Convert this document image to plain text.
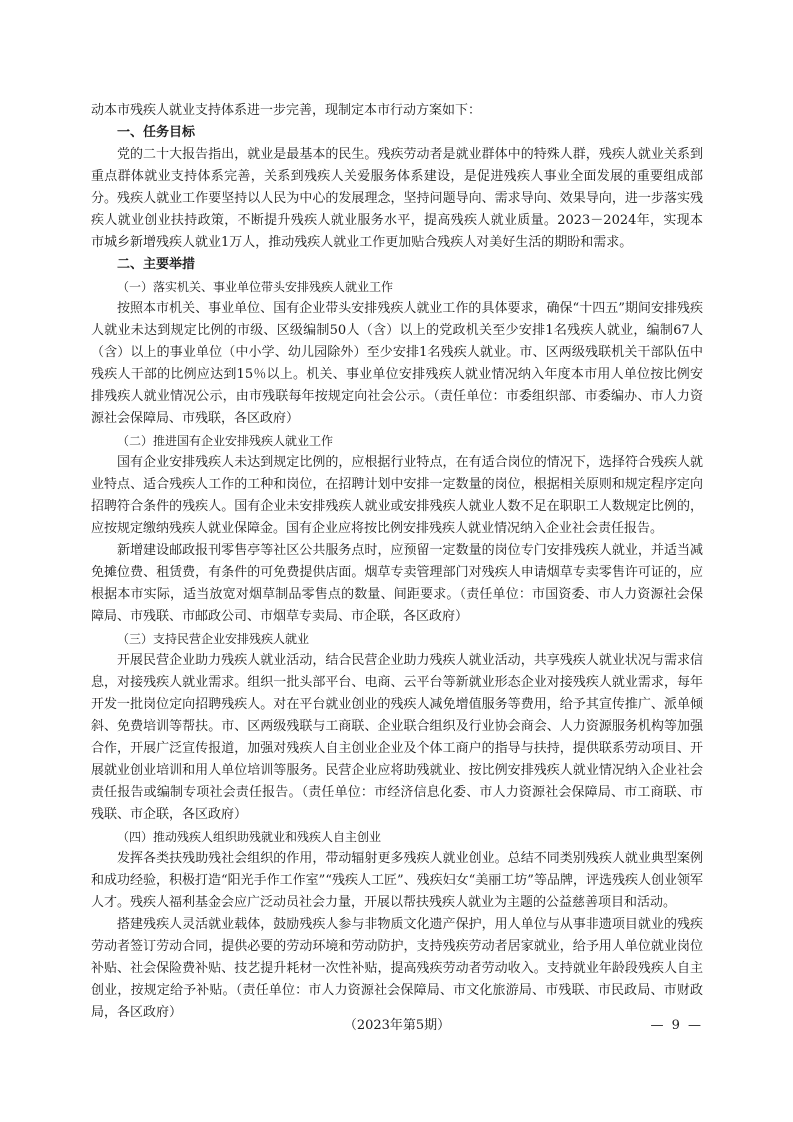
动本市残疾人就业支持体系进一步完善，现制定本市行动方案如下：

一、任务目标

党的二十大报告指出，就业是最基本的民生。残疾劳动者是就业群体中的特殊人群，残疾人就业关系到重点群体就业支持体系完善，关系到残疾人关爱服务体系建设，是促进残疾人事业全面发展的重要组成部分。残疾人就业工作要坚持以人民为中心的发展理念，坚持问题导向、需求导向、效果导向，进一步落实残疾人就业创业扶持政策，不断提升残疾人就业服务水平，提高残疾人就业质量。2023－2024年，实现本市城乡新增残疾人就业1万人，推动残疾人就业工作更加贴合残疾人对美好生活的期盼和需求。

二、主要举措

（一）落实机关、事业单位带头安排残疾人就业工作

按照本市机关、事业单位、国有企业带头安排残疾人就业工作的具体要求，确保“十四五”期间安排残疾人就业未达到规定比例的市级、区级编制50人（含）以上的党政机关至少安排1名残疾人就业，编制67人（含）以上的事业单位（中小学、幼儿园除外）至少安排1名残疾人就业。市、区两级残联机关干部队伍中残疾人干部的比例应达到15％以上。机关、事业单位安排残疾人就业情况纳入年度本市用人单位按比例安排残疾人就业情况公示，由市残联每年按规定向社会公示。（责任单位：市委组织部、市委编办、市人力资源社会保障局、市残联，各区政府）

（二）推进国有企业安排残疾人就业工作

国有企业安排残疾人未达到规定比例的，应根据行业特点，在有适合岗位的情况下，选择符合残疾人就业特点、适合残疾人工作的工种和岗位，在招聘计划中安排一定数量的岗位，根据相关原则和规定程序定向招聘符合条件的残疾人。国有企业未安排残疾人就业或安排残疾人就业人数不足在职职工人数规定比例的，应按规定缴纳残疾人就业保障金。国有企业应将按比例安排残疾人就业情况纳入企业社会责任报告。

新增建设邮政报刊零售亭等社区公共服务点时，应预留一定数量的岗位专门安排残疾人就业，并适当减免摊位费、租赁费，有条件的可免费提供店面。烟草专卖管理部门对残疾人申请烟草专卖零售许可证的，应根据本市实际，适当放宽对烟草制品零售点的数量、间距要求。（责任单位：市国资委、市人力资源社会保障局、市残联、市邮政公司、市烟草专卖局、市企联，各区政府）

（三）支持民营企业安排残疾人就业

开展民营企业助力残疾人就业活动，结合民营企业助力残疾人就业活动，共享残疾人就业状况与需求信息，对接残疾人就业需求。组织一批头部平台、电商、云平台等新就业形态企业对接残疾人就业需求，每年开发一批岗位定向招聘残疾人。对在平台就业创业的残疾人减免增值服务等费用，给予其宣传推广、派单倾斜、免费培训等帮扶。市、区两级残联与工商联、企业联合组织及行业协会商会、人力资源服务机构等加强合作，开展广泛宣传报道，加强对残疾人自主创业企业及个体工商户的指导与扶持，提供联系劳动项目、开展就业创业培训和用人单位培训等服务。民营企业应将助残就业、按比例安排残疾人就业情况纳入企业社会责任报告或编制专项社会责任报告。（责任单位：市经济信息化委、市人力资源社会保障局、市工商联、市残联、市企联，各区政府）

（四）推动残疾人组织助残就业和残疾人自主创业

发挥各类扶残助残社会组织的作用，带动辐射更多残疾人就业创业。总结不同类别残疾人就业典型案例和成功经验，积极打造“阳光手作工作室”“残疾人工匠”、残疾妇女“美丽工坊”等品牌，评选残疾人创业领军人才。残疾人福利基金会应广泛动员社会力量，开展以帮扶残疾人就业为主题的公益慈善项目和活动。

搭建残疾人灵活就业载体，鼓励残疾人参与非物质文化遗产保护，用人单位与从事非遗项目就业的残疾劳动者签订劳动合同，提供必要的劳动环境和劳动防护，支持残疾劳动者居家就业，给予用人单位就业岗位补贴、社会保险费补贴、技艺提升耗材一次性补贴，提高残疾劳动者劳动收入。支持就业年龄段残疾人自主创业，按规定给予补贴。（责任单位：市人力资源社会保障局、市文化旅游局、市残联、市民政局、市财政局，各区政府）

（2023年第5期）	— 9 —
